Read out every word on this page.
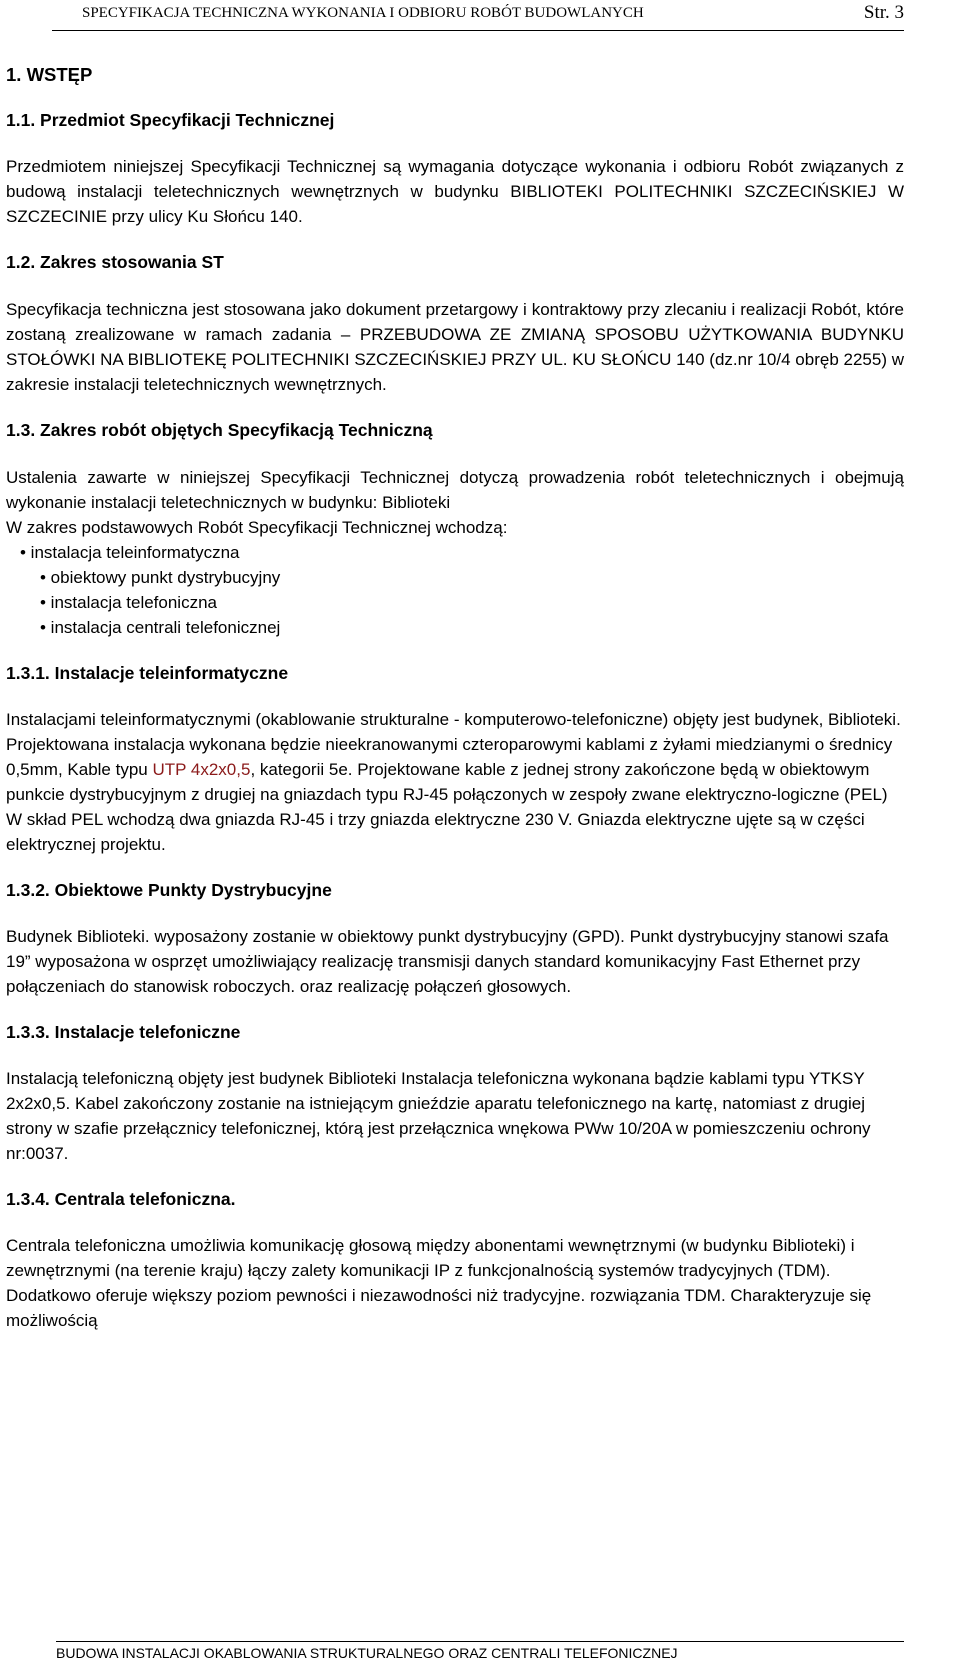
SPECYFIKACJA TECHNICZNA WYKONANIA I ODBIORU ROBÓT BUDOWLANYCH	Str. 3
1. WSTĘP
1.1. Przedmiot Specyfikacji Technicznej

Przedmiotem niniejszej Specyfikacji Technicznej są wymagania dotyczące wykonania i odbioru Robót związanych z budową instalacji teletechnicznych wewnętrznych w budynku BIBLIOTEKI POLITECHNIKI SZCZECIŃSKIEJ W SZCZECINIE przy ulicy Ku Słońcu 140.

1.2. Zakres stosowania ST

Specyfikacja techniczna jest stosowana jako dokument przetargowy i kontraktowy przy zlecaniu i realizacji Robót, które zostaną zrealizowane w ramach zadania – PRZEBUDOWA ZE ZMIANĄ SPOSOBU UŻYTKOWANIA BUDYNKU STOŁÓWKI NA BIBLIOTEKĘ POLITECHNIKI SZCZECIŃSKIEJ PRZY UL. KU SŁOŃCU 140 (dz.nr 10/4 obręb 2255) w zakresie instalacji teletechnicznych wewnętrznych.

1.3. Zakres robót objętych Specyfikacją Techniczną

Ustalenia zawarte w niniejszej Specyfikacji Technicznej dotyczą prowadzenia robót teletechnicznych i obejmują wykonanie instalacji teletechnicznych w budynku: Biblioteki

W zakres podstawowych Robót Specyfikacji Technicznej wchodzą:

• instalacja teleinformatyczna
• obiektowy punkt dystrybucyjny
• instalacja telefoniczna
• instalacja centrali telefonicznej
1.3.1. Instalacje teleinformatyczne

Instalacjami teleinformatycznymi (okablowanie strukturalne - komputerowo-telefoniczne) objęty jest budynek, Biblioteki.

Projektowana instalacja wykonana będzie nieekranowanymi czteroparowymi kablami z żyłami miedzianymi o średnicy 0,5mm, Kable typu UTP 4x2x0,5, kategorii 5e. Projektowane kable z jednej strony zakończone będą w obiektowym punkcie dystrybucyjnym z drugiej na gniazdach typu RJ-45 połączonych w zespoły zwane elektryczno-logiczne (PEL) W skład PEL wchodzą dwa gniazda RJ-45 i trzy gniazda elektryczne 230 V. Gniazda elektryczne ujęte są w części elektrycznej projektu.

1.3.2. Obiektowe Punkty Dystrybucyjne

Budynek Biblioteki. wyposażony zostanie w obiektowy punkt dystrybucyjny (GPD). Punkt dystrybucyjny stanowi szafa 19” wyposażona w osprzęt umożliwiający realizację transmisji danych standard komunikacyjny Fast Ethernet przy połączeniach do stanowisk roboczych. oraz realizację połączeń głosowych.

1.3.3. Instalacje telefoniczne

Instalacją telefoniczną objęty jest budynek Biblioteki Instalacja telefoniczna wykonana bądzie kablami typu YTKSY 2x2x0,5. Kabel zakończony zostanie na istniejącym gnieździe aparatu telefonicznego na kartę, natomiast z drugiej strony w szafie przełącznicy telefonicznej, którą jest przełącznica wnękowa PWw 10/20A w pomieszczeniu ochrony nr:0037.

1.3.4. Centrala telefoniczna.

Centrala telefoniczna umożliwia komunikację głosową między abonentami wewnętrznymi (w budynku Biblioteki) i zewnętrznymi (na terenie kraju) łączy zalety komunikacji IP z funkcjonalnością systemów tradycyjnych (TDM). Dodatkowo oferuje większy poziom pewności i niezawodności niż tradycyjne. rozwiązania TDM. Charakteryzuje się możliwością

BUDOWA INSTALACJI OKABLOWANIA STRUKTURALNEGO ORAZ CENTRALI TELEFONICZNEJ
